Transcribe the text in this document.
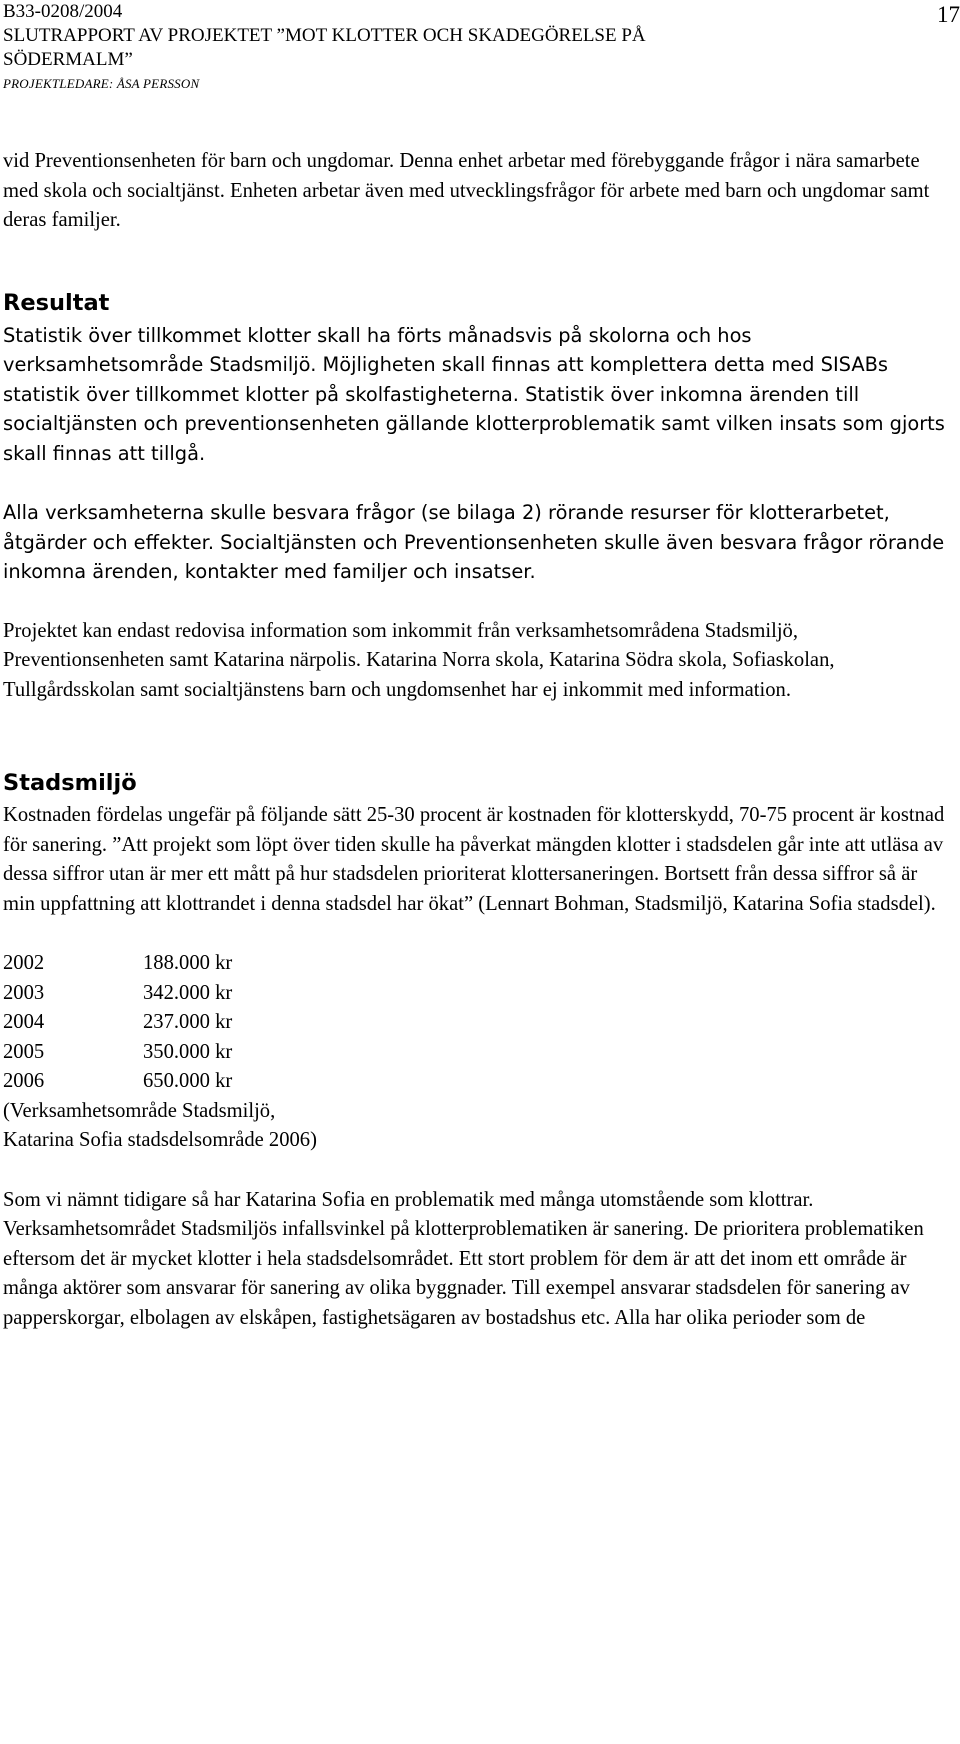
B33-0208/2004
SLUTRAPPORT AV PROJEKTET ”MOT KLOTTER OCH SKADEGÖRELSE PÅ
SÖDERMALM”
PROJEKTLEDARE: ÅSA PERSSON
17

vid Preventionsenheten för barn och ungdomar. Denna enhet arbetar med förebyggande frågor i nära samarbete med skola och socialtjänst. Enheten arbetar även med utvecklingsfrågor för arbete med barn och ungdomar samt deras familjer.

Resultat

Statistik över tillkommet klotter skall ha förts månadsvis på skolorna och hos verksamhetsområde Stadsmiljö. Möjligheten skall finnas att komplettera detta med SISABs statistik över tillkommet klotter på skolfastigheterna. Statistik över inkomna ärenden till socialtjänsten och preventionsenheten gällande klotterproblematik samt vilken insats som gjorts skall finnas att tillgå.

Alla verksamheterna skulle besvara frågor (se bilaga 2) rörande resurser för klotterarbetet, åtgärder och effekter. Socialtjänsten och Preventionsenheten skulle även besvara frågor rörande inkomna ärenden, kontakter med familjer och insatser.

Projektet kan endast redovisa information som inkommit från verksamhetsområdena Stadsmiljö, Preventionsenheten samt Katarina närpolis. Katarina Norra skola, Katarina Södra skola, Sofiaskolan, Tullgårdsskolan samt socialtjänstens barn och ungdomsenhet har ej inkommit med information.

Stadsmiljö

Kostnaden fördelas ungefär på följande sätt 25-30 procent är kostnaden för klotterskydd, 70-75 procent är kostnad för sanering. ”Att projekt som löpt över tiden skulle ha påverkat mängden klotter i stadsdelen går inte att utläsa av dessa siffror utan är mer ett mått på hur stadsdelen prioriterat klottersaneringen. Bortsett från dessa siffror så är min uppfattning att klottrandet i denna stadsdel har ökat” (Lennart Bohman, Stadsmiljö, Katarina Sofia stadsdel).

2002	188.000 kr
2003	342.000 kr
2004	237.000 kr
2005	350.000 kr
2006	650.000 kr

(Verksamhetsområde Stadsmiljö,
Katarina Sofia stadsdelsområde 2006)

Som vi nämnt tidigare så har Katarina Sofia en problematik med många utomstående som klottrar. Verksamhetsområdet Stadsmiljös infallsvinkel på klotterproblematiken är sanering. De prioritera problematiken eftersom det är mycket klotter i hela stadsdelsområdet. Ett stort problem för dem är att det inom ett område är många aktörer som ansvarar för sanering av olika byggnader. Till exempel ansvarar stadsdelen för sanering av papperskorgar, elbolagen av elskåpen, fastighetsägaren av bostadshus etc. Alla har olika perioder som de
